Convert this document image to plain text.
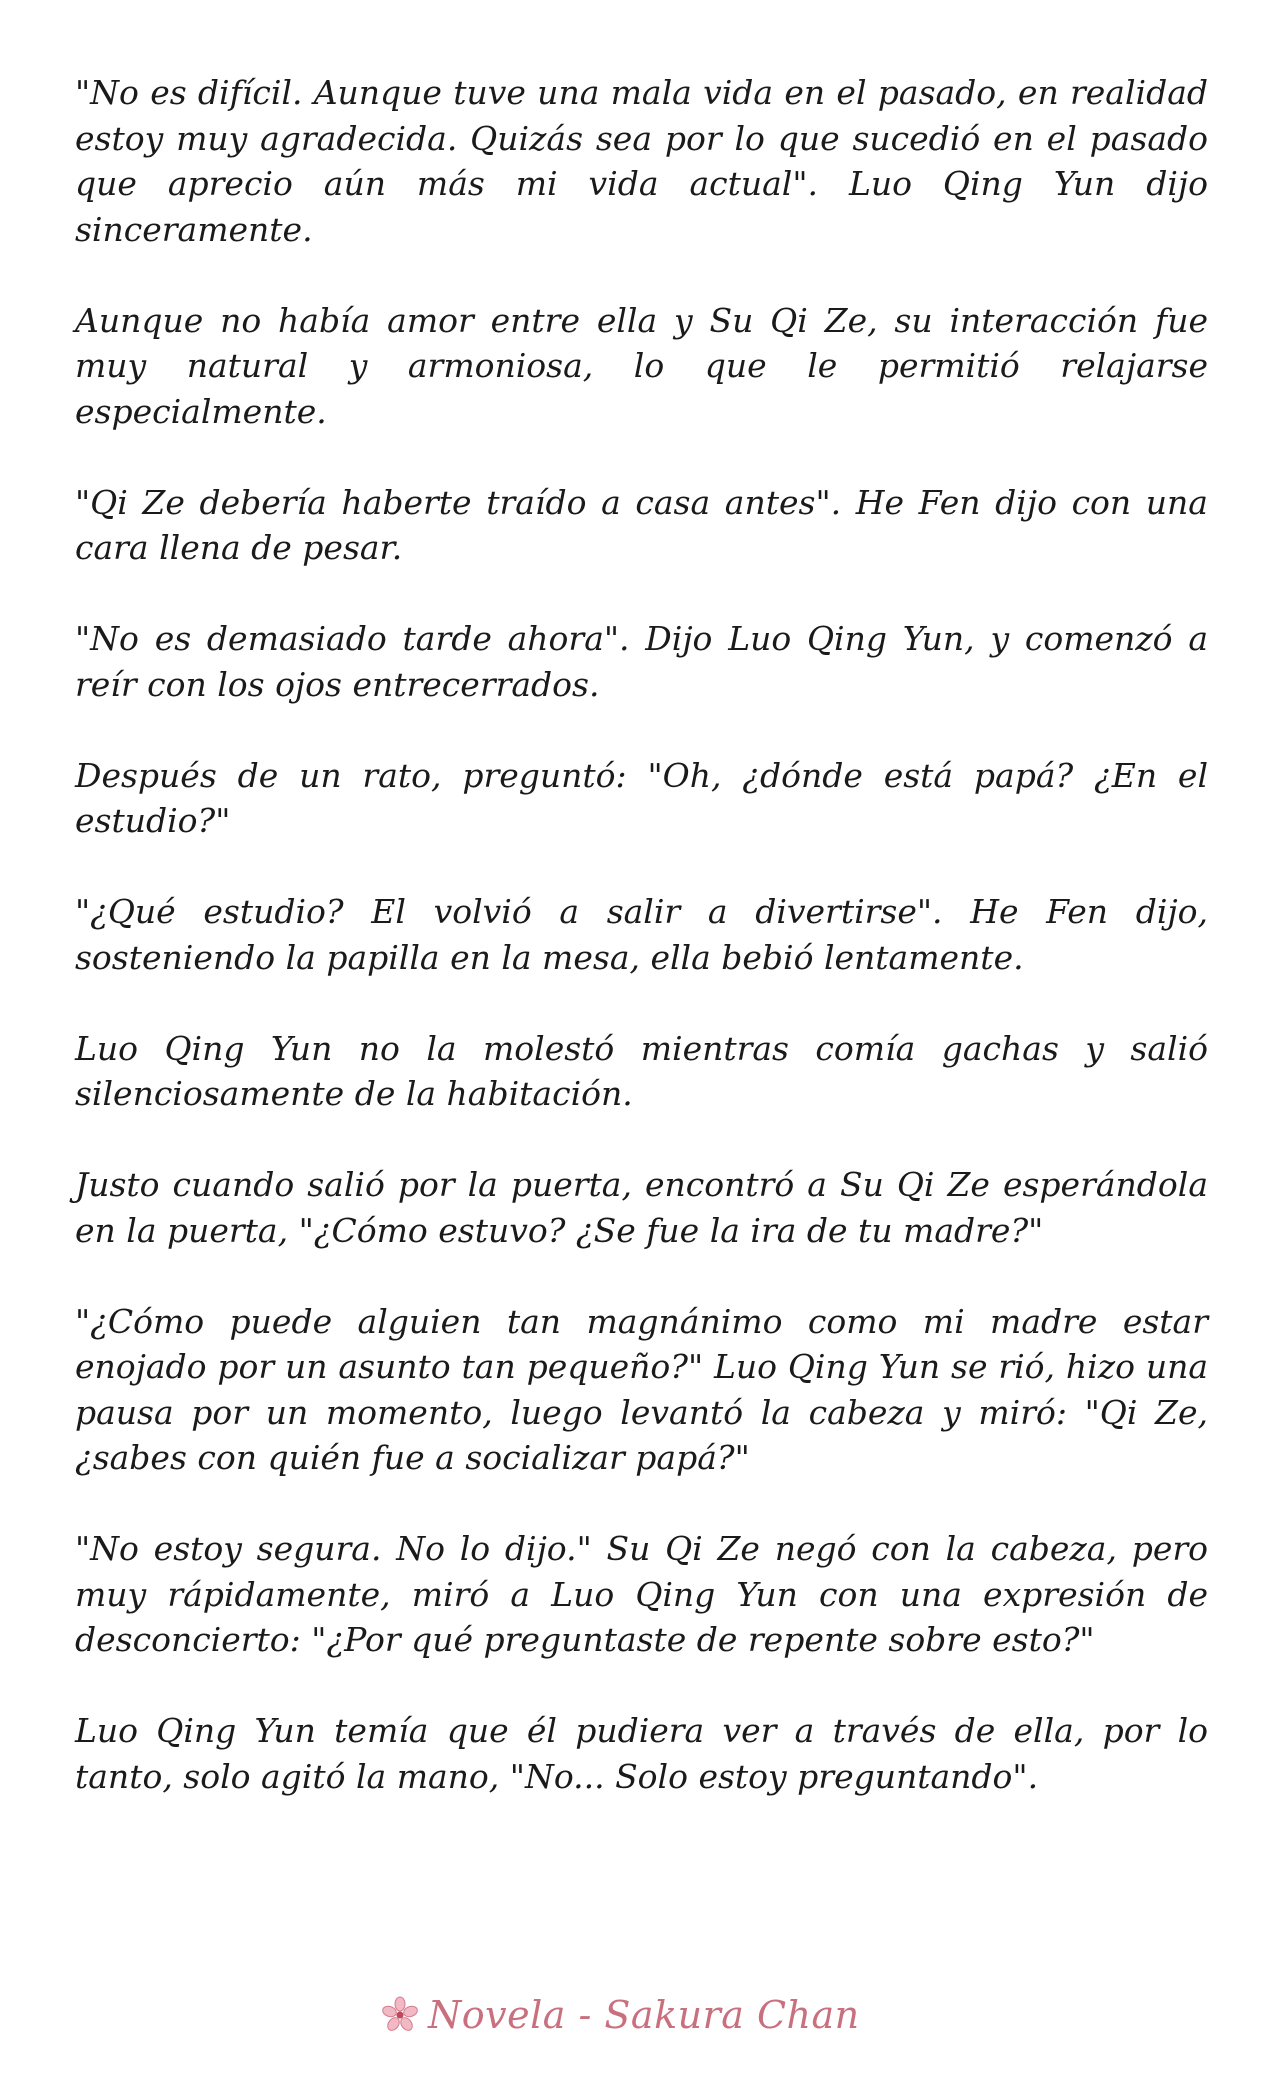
"No es difícil. Aunque tuve una mala vida en el pasado, en realidad estoy muy agradecida. Quizás sea por lo que sucedió en el pasado que aprecio aún más mi vida actual". Luo Qing Yun dijo sinceramente.

Aunque no había amor entre ella y Su Qi Ze, su interacción fue muy natural y armoniosa, lo que le permitió relajarse especialmente.

"Qi Ze debería haberte traído a casa antes". He Fen dijo con una cara llena de pesar.

"No es demasiado tarde ahora". Dijo Luo Qing Yun, y comenzó a reír con los ojos entrecerrados.

Después de un rato, preguntó: "Oh, ¿dónde está papá? ¿En el estudio?"

"¿Qué estudio? El volvió a salir a divertirse". He Fen dijo, sosteniendo la papilla en la mesa, ella bebió lentamente.

Luo Qing Yun no la molestó mientras comía gachas y salió silenciosamente de la habitación.

Justo cuando salió por la puerta, encontró a Su Qi Ze esperándola en la puerta, "¿Cómo estuvo? ¿Se fue la ira de tu madre?"

"¿Cómo puede alguien tan magnánimo como mi madre estar enojado por un asunto tan pequeño?" Luo Qing Yun se rió, hizo una pausa por un momento, luego levantó la cabeza y miró: "Qi Ze, ¿sabes con quién fue a socializar papá?"

"No estoy segura. No lo dijo." Su Qi Ze negó con la cabeza, pero muy rápidamente, miró a Luo Qing Yun con una expresión de desconcierto: "¿Por qué preguntaste de repente sobre esto?"

Luo Qing Yun temía que él pudiera ver a través de ella, por lo tanto, solo agitó la mano, "No... Solo estoy preguntando".

Novela - Sakura Chan
